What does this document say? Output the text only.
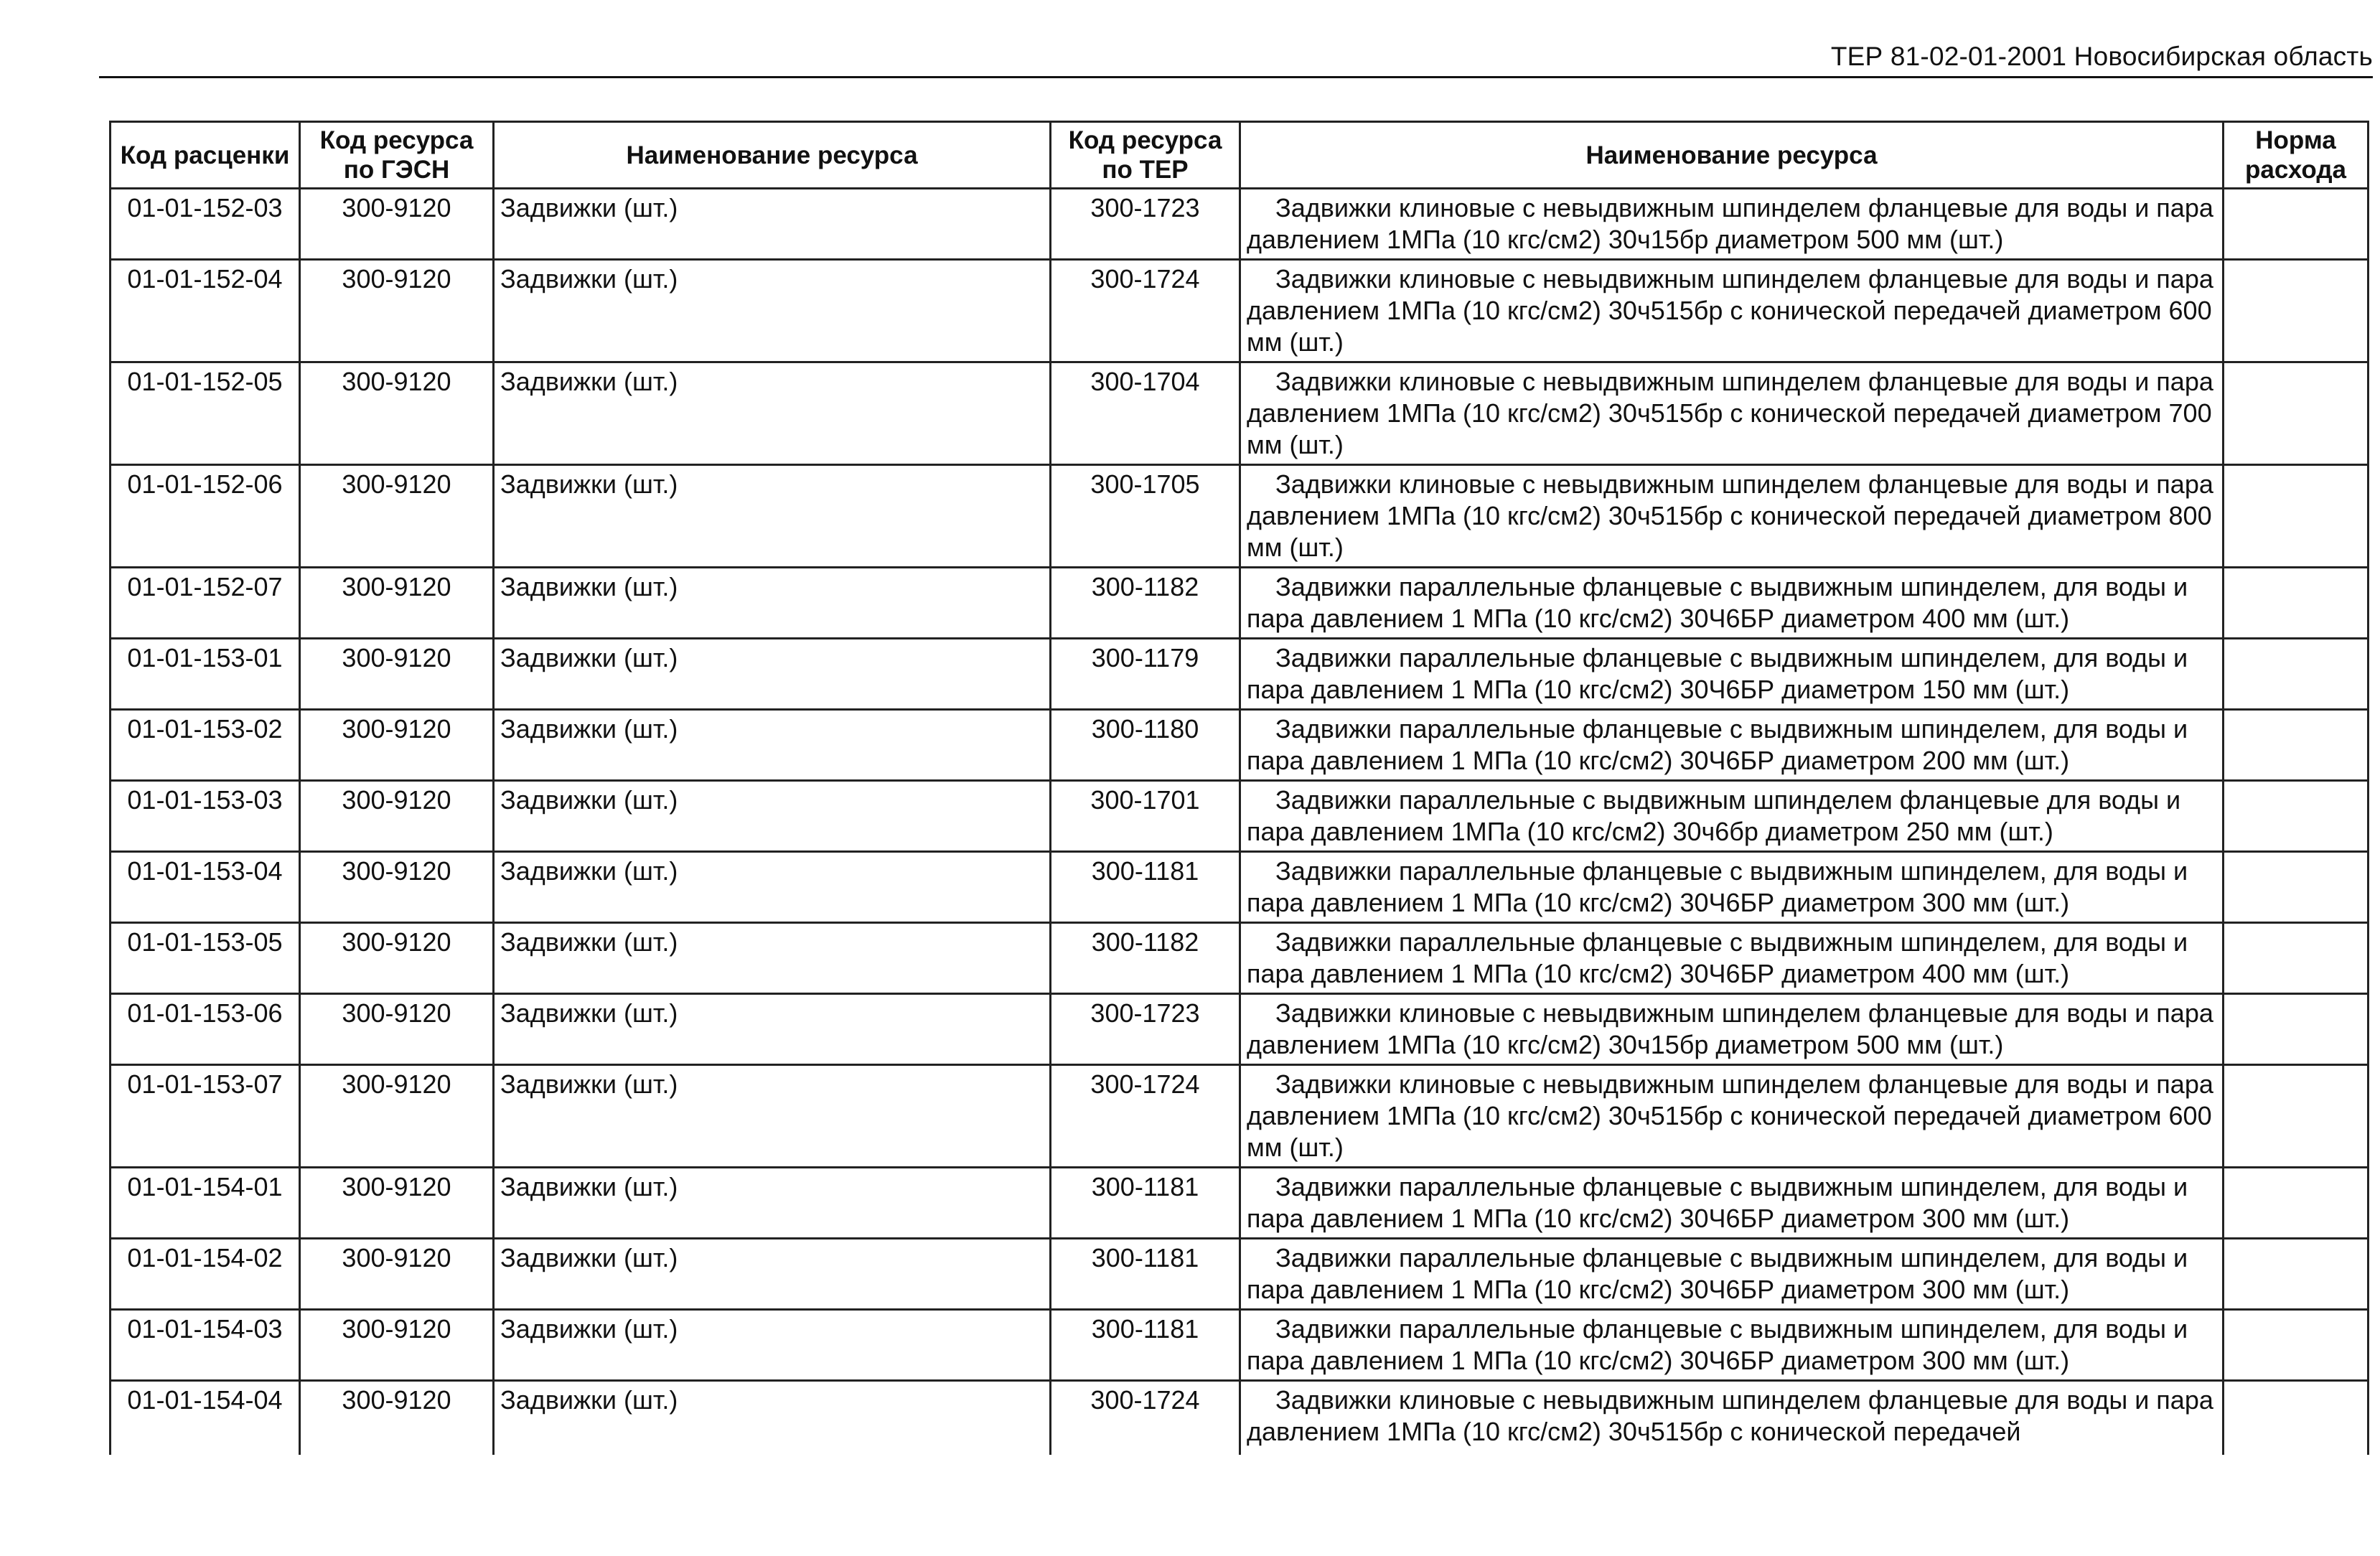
ТЕР 81-02-01-2001 Новосибирская область
Код расценки	Код ресурса по ГЭСН	Наименование ресурса	Код ресурса по ТЕР	Наименование ресурса	Норма расхода
01-01-152-03	300-9120	Задвижки (шт.)	300-1723	Задвижки клиновые с невыдвижным шпинделем фланцевые для воды и пара давлением 1МПа (10 кгс/см2) 30ч15бр диаметром 500 мм (шт.)	

01-01-152-04	300-9120	Задвижки (шт.)	300-1724	Задвижки клиновые с невыдвижным шпинделем фланцевые для воды и пара давлением 1МПа (10 кгс/см2) 30ч515бр с конической передачей диаметром 600 мм (шт.)	

01-01-152-05	300-9120	Задвижки (шт.)	300-1704	Задвижки клиновые с невыдвижным шпинделем фланцевые для воды и пара давлением 1МПа (10 кгс/см2) 30ч515бр с конической передачей диаметром 700 мм (шт.)	

01-01-152-06	300-9120	Задвижки (шт.)	300-1705	Задвижки клиновые с невыдвижным шпинделем фланцевые для воды и пара давлением 1МПа (10 кгс/см2) 30ч515бр с конической передачей диаметром 800 мм (шт.)	

01-01-152-07	300-9120	Задвижки (шт.)	300-1182	Задвижки параллельные фланцевые с выдвижным шпинделем, для воды и пара давлением 1 МПа (10 кгс/см2) 30Ч6БР диаметром 400 мм (шт.)	

01-01-153-01	300-9120	Задвижки (шт.)	300-1179	Задвижки параллельные фланцевые с выдвижным шпинделем, для воды и пара давлением 1 МПа (10 кгс/см2) 30Ч6БР диаметром 150 мм (шт.)	

01-01-153-02	300-9120	Задвижки (шт.)	300-1180	Задвижки параллельные фланцевые с выдвижным шпинделем, для воды и пара давлением 1 МПа (10 кгс/см2) 30Ч6БР диаметром 200 мм (шт.)	

01-01-153-03	300-9120	Задвижки (шт.)	300-1701	Задвижки параллельные с выдвижным шпинделем фланцевые для воды и пара давлением 1МПа (10 кгс/см2) 30ч6бр диаметром 250 мм (шт.)	

01-01-153-04	300-9120	Задвижки (шт.)	300-1181	Задвижки параллельные фланцевые с выдвижным шпинделем, для воды и пара давлением 1 МПа (10 кгс/см2) 30Ч6БР диаметром 300 мм (шт.)	

01-01-153-05	300-9120	Задвижки (шт.)	300-1182	Задвижки параллельные фланцевые с выдвижным шпинделем, для воды и пара давлением 1 МПа (10 кгс/см2) 30Ч6БР диаметром 400 мм (шт.)	

01-01-153-06	300-9120	Задвижки (шт.)	300-1723	Задвижки клиновые с невыдвижным шпинделем фланцевые для воды и пара давлением 1МПа (10 кгс/см2) 30ч15бр диаметром 500 мм (шт.)	

01-01-153-07	300-9120	Задвижки (шт.)	300-1724	Задвижки клиновые с невыдвижным шпинделем фланцевые для воды и пара давлением 1МПа (10 кгс/см2) 30ч515бр с конической передачей диаметром 600 мм (шт.)	

01-01-154-01	300-9120	Задвижки (шт.)	300-1181	Задвижки параллельные фланцевые с выдвижным шпинделем, для воды и пара давлением 1 МПа (10 кгс/см2) 30Ч6БР диаметром 300 мм (шт.)	

01-01-154-02	300-9120	Задвижки (шт.)	300-1181	Задвижки параллельные фланцевые с выдвижным шпинделем, для воды и пара давлением 1 МПа (10 кгс/см2) 30Ч6БР диаметром 300 мм (шт.)	

01-01-154-03	300-9120	Задвижки (шт.)	300-1181	Задвижки параллельные фланцевые с выдвижным шпинделем, для воды и пара давлением 1 МПа (10 кгс/см2) 30Ч6БР диаметром 300 мм (шт.)	

01-01-154-04	300-9120	Задвижки (шт.)	300-1724	Задвижки клиновые с невыдвижным шпинделем фланцевые для воды и пара давлением 1МПа (10 кгс/см2) 30ч515бр с конической передачей	
